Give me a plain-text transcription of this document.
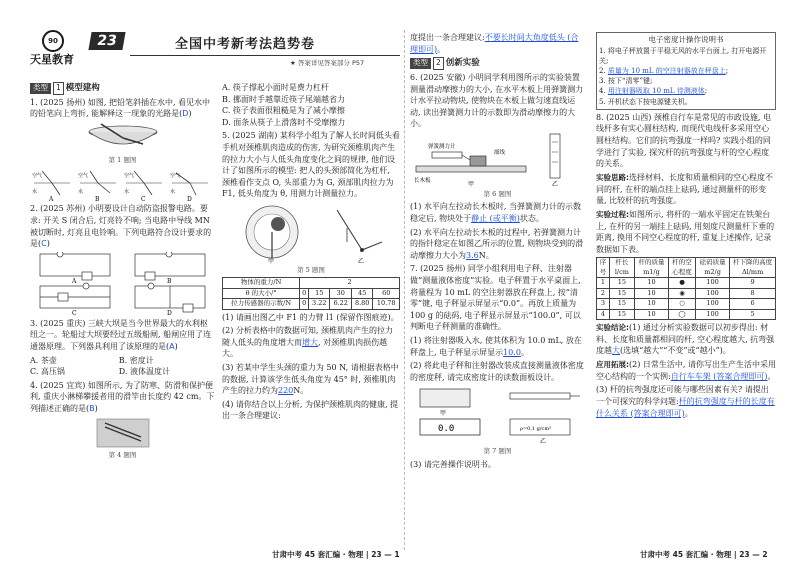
90
天星教育
23	全国中考新考法趋势卷
★ 答案详见答案部分 P57
类型 1 模型建构

1. (2025 扬州) 如图, 把铅笔斜插在水中, 看见水中的铅笔向上弯折, 能解释这一现象的光路是(D)

第 1 题图
空气
水
A
空气
水
B
空气
水
C
空气
水
D

2. (2025 苏州) 小明要设计自动防盗报警电路。要求: 开关 S 闭合后, 灯亮铃不响; 当电路中导线 MN 被切断时, 灯亮且电铃响。下列电路符合设计要求的是(C)

A	B
C	D

3. (2025 重庆) 三峡大坝是当今世界最大的水利枢纽之一。轮船过大坝要经过五级船闸, 船闸应用了连通器原理。下列器具利用了该原理的是(A)

A. 茶壶	B. 密度计 C. 高压锅	D. 液体温度计

4. (2025 宜宾) 如图所示, 为了防寒、防滑和保护便利, 重庆小淋梯攀援者用的滑竿由长度约 42 cm。下列描述正确的是(B)

第 4 题图
A. 筷子撑起小面时是费力杠杆
B. 挪面时手越靠近筷子尾端越省力
C. 筷子表面很粗糙是为了减小摩擦
D. 面条从筷子上滑落时不受摩擦力

5. (2025 湖南) 某科学小组为了解人长时间低头看手机对颈椎肌肉造成的伤害, 为研究颈椎肌肉产生的拉力大小与人低头角度变化之间的规律, 他们设计了如图所示的模型: 把人的头颈部简化为杠杆, 颈椎看作支点 O, 头部重力为 G, 颈部肌肉拉力为 F1, 低头角度为 θ, 用测力计测量拉力。

甲	乙
第 5 题图
物体的重力/N	2				
θ 的大小/°	0	15	30	45	60
拉力传感器的示数/N	0	3.22	6.22	8.80	10.78

(1) 请画出图乙中 F1 的力臂 l1 (保留作图痕迹)。

(2) 分析表格中的数据可知, 颈椎肌肉产生的拉力随人低头的角度增大而增大, 对颈椎肌肉损伤越大。

(3) 若某中学生头颈的重力为 50 N, 请根据表格中的数据, 计算该学生低头角度为 45° 时, 颈椎肌肉产生的拉力约为220N。

(4) 请你结合以上分析, 为保护颈椎肌肉的健康, 提出一条合理建议:

度提出一条合理建议:不要长时间大角度低头 (合理即可)。

类型 2 创新实验

6. (2025 安徽) 小明同学利用图所示的实验装置测量滑动摩擦力的大小, 在水平木板上用弹簧测力计水平拉动物块, 使物块在木板上做匀速直线运动, 读出弹簧测力计的示数即为滑动摩擦力的大小。

长木板
弹簧测力计
细线
甲	乙
第 6 题图

(1) 水平向左拉动长木板时, 当弹簧测力计的示数稳定后, 物块处于静止 (或平衡)状态。

(2) 水平向左拉动长木板的过程中, 若弹簧测力计的指针稳定在如图乙所示的位置, 则物块受到的滑动摩擦力大小为3.6N。

7. (2025 扬州) 同学小组利用电子秤、注射器做“测量液体密度”实验。电子秤置于水平桌面上, 将量程为 10 mL 的空注射器放在秤盘上, 按“清零”键, 电子秤显示屏显示“0.0”。再放上质量为 100 g 的砝码, 电子秤显示屏显示“100.0”, 可以判断电子秤测量的准确性。

(1) 将注射器吸入水, 使其体积为 10.0 mL, 放在秤盘上, 电子秤显示屏显示10.0。

(2) 将此电子秤和注射器改装成直接测量液体密度的密度秤, 请完成密度计的读数面板设计。

甲
0.0	ρ=0.1 g/cm³
乙
第 7 题图

(3) 请完善操作说明书。

电子密度计操作说明书
1. 将电子秤放置于平稳无风的水平台面上, 打开电源开关;
2. 质量为 10 mL 的空注射器放在秤盘上;
3. 按下“清零”键;
4. 用注射器吸取 10 mL 待测液体;
5. 开机状态下按电源键关机。

8. (2025 山西) 颈椎自行车是常见的市政设施, 电线杆多有实心圆柱结构, 而现代电线杆多采用空心圆柱结构。它们的抗弯强度一样吗? 实践小组的同学进行了实验, 探究杆的抗弯强度与杆的空心程度的关系。

实验思路:选择材料、长度和质量相同的空心程度不同的杆, 在杆的端点挂上砝码, 通过测量杆的形变量, 比较杆的抗弯强度。

实验过程:如图所示, 将杆的一端水平固定在铁架台上, 在杆的另一端挂上砝码, 用刻度尺测量杆下垂的距离, 换用不同空心程度的杆, 重复上述操作, 记录数据如下表。

序号	杆长 l/cm	杆的质量 m1/g	杆的空心程度	砝码质量 m2/g	杆下降的高度 Δl/mm
1	15	10	●	100	9
2	15	10	◉	100	8
3	15	10	○	100	6
4	15	10	◯	100	5

实验结论:(1) 通过分析实验数据可以初步得出: 材料、长度和质量都相同的杆, 空心程度越大, 抗弯强度越大(选填“越大”“不变”或“越小”)。

应用拓展:(2) 日常生活中, 请你写出生产生活中采用空心结构的一个实例:自行车车架 (答案合理即可)。

(3) 杆的抗弯强度还可能与哪些因素有关? 请提出一个可探究的科学问题:杆的抗弯强度与杆的长度有什么关系 (答案合理即可)。

甘肃中考 45 套汇编 · 物理 | 23 — 1	甘肃中考 45 套汇编 · 物理 | 23 — 2
